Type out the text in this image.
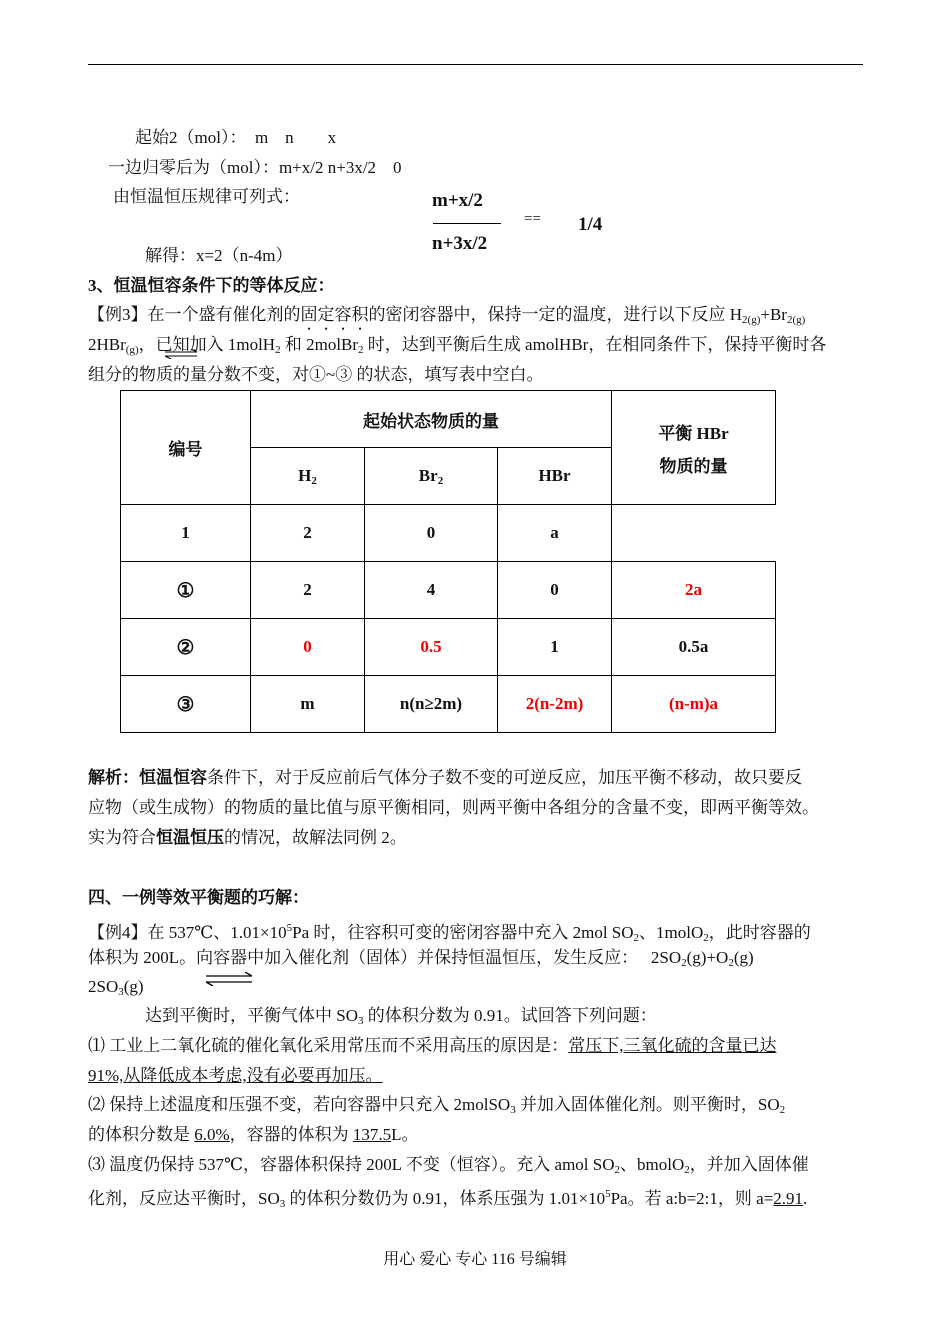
起始2（mol）：　m　n　　x
一边归零后为（mol）：m+x/2 n+3x/2　0
由恒温恒压规律可列式：
解得：x=2（n-4m）
3、恒温恒容条件下的等体反应：
【例3】在一个盛有催化剂的固定容积的密闭容器中，保持一定的温度，进行以下反应 $H_{2(g)}+Br_{2(g)}$
2HBr$_{(g)}$，已知加入 1molH$_2$ 和 2molBr$_2$ 时，达到平衡后生成 amolHBr，在相同条件下，保持平衡时各
组分的物质的量分数不变，对①~③ 的状态，填写表中空白。
解析：恒温恒容条件下，对于反应前后气体分子数不变的可逆反应，加压平衡不移动，故只要反
应物（或生成物）的物质的量比值与原平衡相同，则两平衡中各组分的含量不变，即两平衡等效。
实为符合恒温恒压的情况，故解法同例 2。
四、一例等效平衡题的巧解：
【例4】在 537℃、$1.01\times 10^5Pa$ 时，往容积可变的密闭容器中充入 2mol $SO_2$、1molO$_2$，此时容器的
体积为 200L。向容器中加入催化剂（固体）并保持恒温恒压，发生反应：　 $2SO_2(g)+O_2(g)$
$2SO_3(g)$
达到平衡时，平衡气体中 $SO_3$ 的体积分数为 0.91。试回答下列问题：
⑴ 工业上二氧化硫的催化氧化采用常压而不采用高压的原因是：常压下,三氧化硫的含量已达
91%,从降低成本考虑,没有必要再加压。
⑵ 保持上述温度和压强不变，若向容器中只充入 2molSO$_3$ 并加入固体催化剂。则平衡时，$SO_2$
的体积分数是 6.0%，容器的体积为 137.5L。
⑶ 温度仍保持 537℃，容器体积保持 200L 不变（恒容）。充入 amol $SO_2$、bmolO$_2$，并加入固体催
化剂，反应达平衡时，$SO_3$ 的体积分数仍为 0.91，体系压强为 $1.01\times 10^5Pa$。若 a:b=2:1，则 a=2.91.
m+x/2
n+3x/2
== 1/4
编号	起始状态物质的量			平衡 HBr
物质的量

	$H_2$	$Br_2$	HBr	
1	2	0	a	
①	2	4	0	2a
②	0	0.5	1	0.5a
③	m	n(n≥2m)	2(n-2m)	(n-m)a
用心 爱心 专心 116 号编辑
